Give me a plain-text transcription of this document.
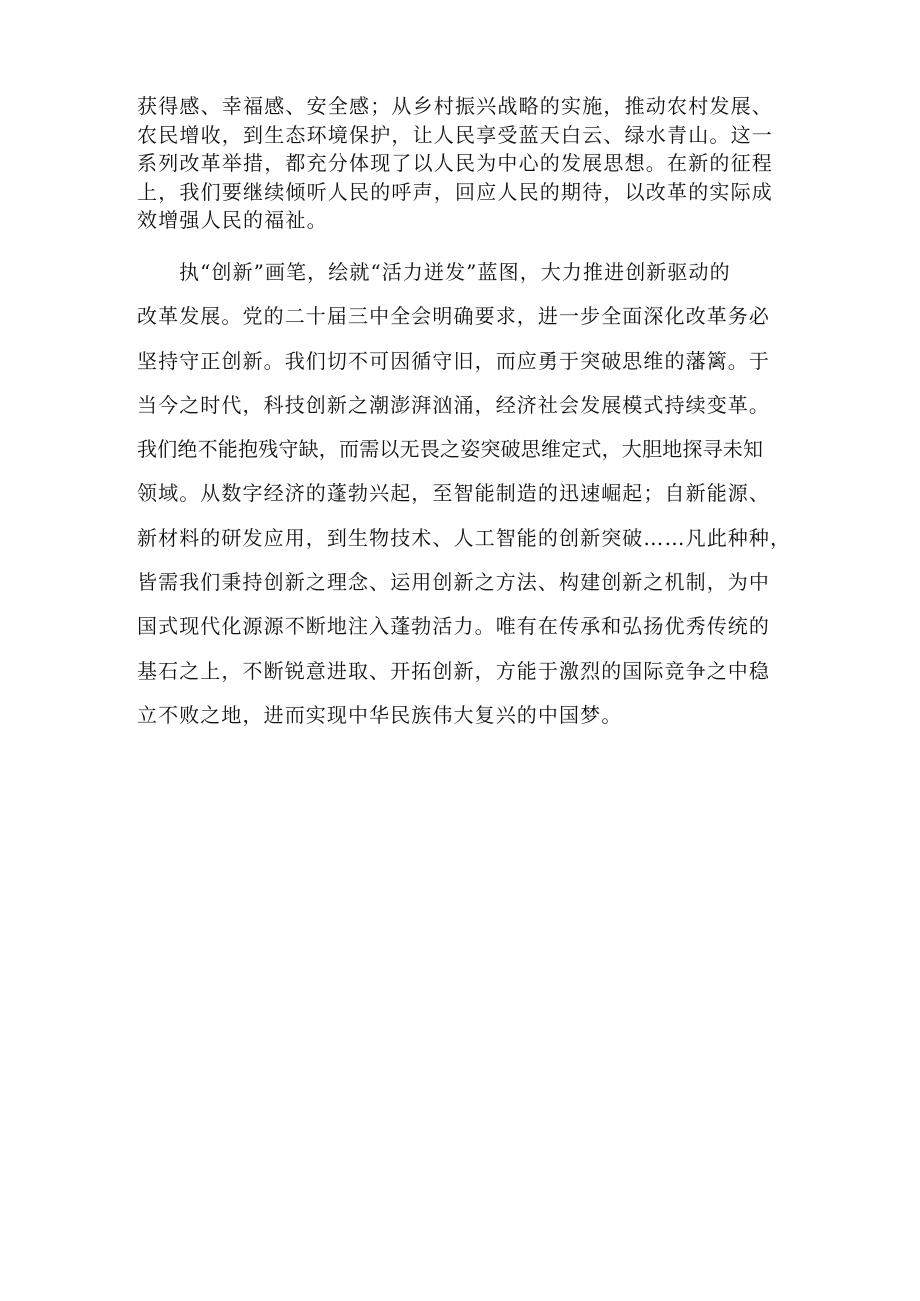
获得感、幸福感、安全感；从乡村振兴战略的实施，推动农村发展、
农民增收，到生态环境保护，让人民享受蓝天白云、绿水青山。这一
系列改革举措，都充分体现了以人民为中心的发展思想。在新的征程
上，我们要继续倾听人民的呼声，回应人民的期待，以改革的实际成
效增强人民的福祉。

执“创新”画笔，绘就“活力迸发”蓝图，大力推进创新驱动的
改革发展。党的二十届三中全会明确要求，进一步全面深化改革务必
坚持守正创新。我们切不可因循守旧，而应勇于突破思维的藩篱。于
当今之时代，科技创新之潮澎湃汹涌，经济社会发展模式持续变革。
我们绝不能抱残守缺，而需以无畏之姿突破思维定式，大胆地探寻未知
领域。从数字经济的蓬勃兴起，至智能制造的迅速崛起；自新能源、
新材料的研发应用，到生物技术、人工智能的创新突破……凡此种种，
皆需我们秉持创新之理念、运用创新之方法、构建创新之机制，为中
国式现代化源源不断地注入蓬勃活力。唯有在传承和弘扬优秀传统的
基石之上，不断锐意进取、开拓创新，方能于激烈的国际竞争之中稳
立不败之地，进而实现中华民族伟大复兴的中国梦。
